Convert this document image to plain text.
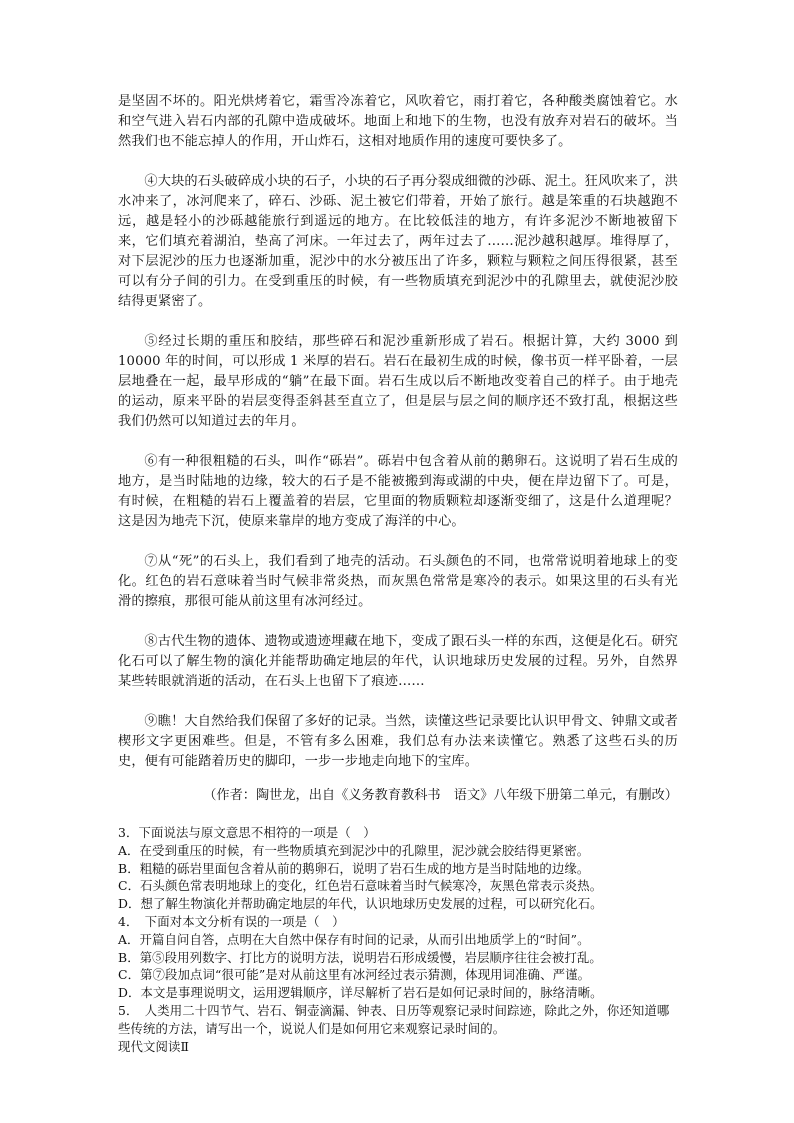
是坚固不坏的。阳光烘烤着它，霜雪冷冻着它，风吹着它，雨打着它，各种酸类腐蚀着它。水和空气进入岩石内部的孔隙中造成破坏。地面上和地下的生物，也没有放弃对岩石的破坏。当然我们也不能忘掉人的作用，开山炸石，这相对地质作用的速度可要快多了。

④大块的石头破碎成小块的石子，小块的石子再分裂成细微的沙砾、泥土。狂风吹来了，洪水冲来了，冰河爬来了，碎石、沙砾、泥土被它们带着，开始了旅行。越是笨重的石块越跑不远，越是轻小的沙砾越能旅行到遥远的地方。在比较低洼的地方，有许多泥沙不断地被留下来，它们填充着湖泊，垫高了河床。一年过去了，两年过去了……泥沙越积越厚。堆得厚了，对下层泥沙的压力也逐渐加重，泥沙中的水分被压出了许多，颗粒与颗粒之间压得很紧，甚至可以有分子间的引力。在受到重压的时候，有一些物质填充到泥沙中的孔隙里去，就使泥沙胶结得更紧密了。

⑤经过长期的重压和胶结，那些碎石和泥沙重新形成了岩石。根据计算，大约 3000 到 10000 年的时间，可以形成 1 米厚的岩石。岩石在最初生成的时候，像书页一样平卧着，一层层地叠在一起，最早形成的“躺”在最下面。岩石生成以后不断地改变着自己的样子。由于地壳的运动，原来平卧的岩层变得歪斜甚至直立了，但是层与层之间的顺序还不致打乱，根据这些我们仍然可以知道过去的年月。

⑥有一种很粗糙的石头，叫作“砾岩”。砾岩中包含着从前的鹅卵石。这说明了岩石生成的地方，是当时陆地的边缘，较大的石子是不能被搬到海或湖的中央，便在岸边留下了。可是，有时候，在粗糙的岩石上覆盖着的岩层，它里面的物质颗粒却逐渐变细了，这是什么道理呢？这是因为地壳下沉，使原来靠岸的地方变成了海洋的中心。

⑦从“死”的石头上，我们看到了地壳的活动。石头颜色的不同，也常常说明着地球上的变化。红色的岩石意味着当时气候非常炎热，而灰黑色常常是寒冷的表示。如果这里的石头有光滑的擦痕，那很可能从前这里有冰河经过。

⑧古代生物的遗体、遗物或遗迹埋藏在地下，变成了跟石头一样的东西，这便是化石。研究化石可以了解生物的演化并能帮助确定地层的年代，认识地球历史发展的过程。另外，自然界某些转眼就消逝的活动，在石头上也留下了痕迹……

⑨瞧！大自然给我们保留了多好的记录。当然，读懂这些记录要比认识甲骨文、钟鼎文或者楔形文字更困难些。但是，不管有多么困难，我们总有办法来读懂它。熟悉了这些石头的历史，便有可能踏着历史的脚印，一步一步地走向地下的宝库。

（作者：陶世龙，出自《义务教育教科书　语文》八年级下册第二单元，有删改）

3．下面说法与原文意思不相符的一项是（　）

A．在受到重压的时候，有一些物质填充到泥沙中的孔隙里，泥沙就会胶结得更紧密。

B．粗糙的砾岩里面包含着从前的鹅卵石，说明了岩石生成的地方是当时陆地的边缘。

C．石头颜色常表明地球上的变化，红色岩石意味着当时气候寒冷，灰黑色常表示炎热。

D．想了解生物演化并帮助确定地层的年代，认识地球历史发展的过程，可以研究化石。

4．　下面对本文分析有误的一项是（　）

A．开篇自问自答，点明在大自然中保存有时间的记录，从而引出地质学上的“时间”。

B．第⑤段用列数字、打比方的说明方法，说明岩石形成缓慢，岩层顺序往往会被打乱。

C．第⑦段加点词“很可能”是对从前这里有冰河经过表示猜测，体现用词准确、严谨。

D．本文是事理说明文，运用逻辑顺序，详尽解析了岩石是如何记录时间的，脉络清晰。

5．　人类用二十四节气、岩石、铜壶滴漏、钟表、日历等观察记录时间踪迹，除此之外，你还知道哪些传统的方法，请写出一个，说说人们是如何用它来观察记录时间的。

现代文阅读Ⅱ
